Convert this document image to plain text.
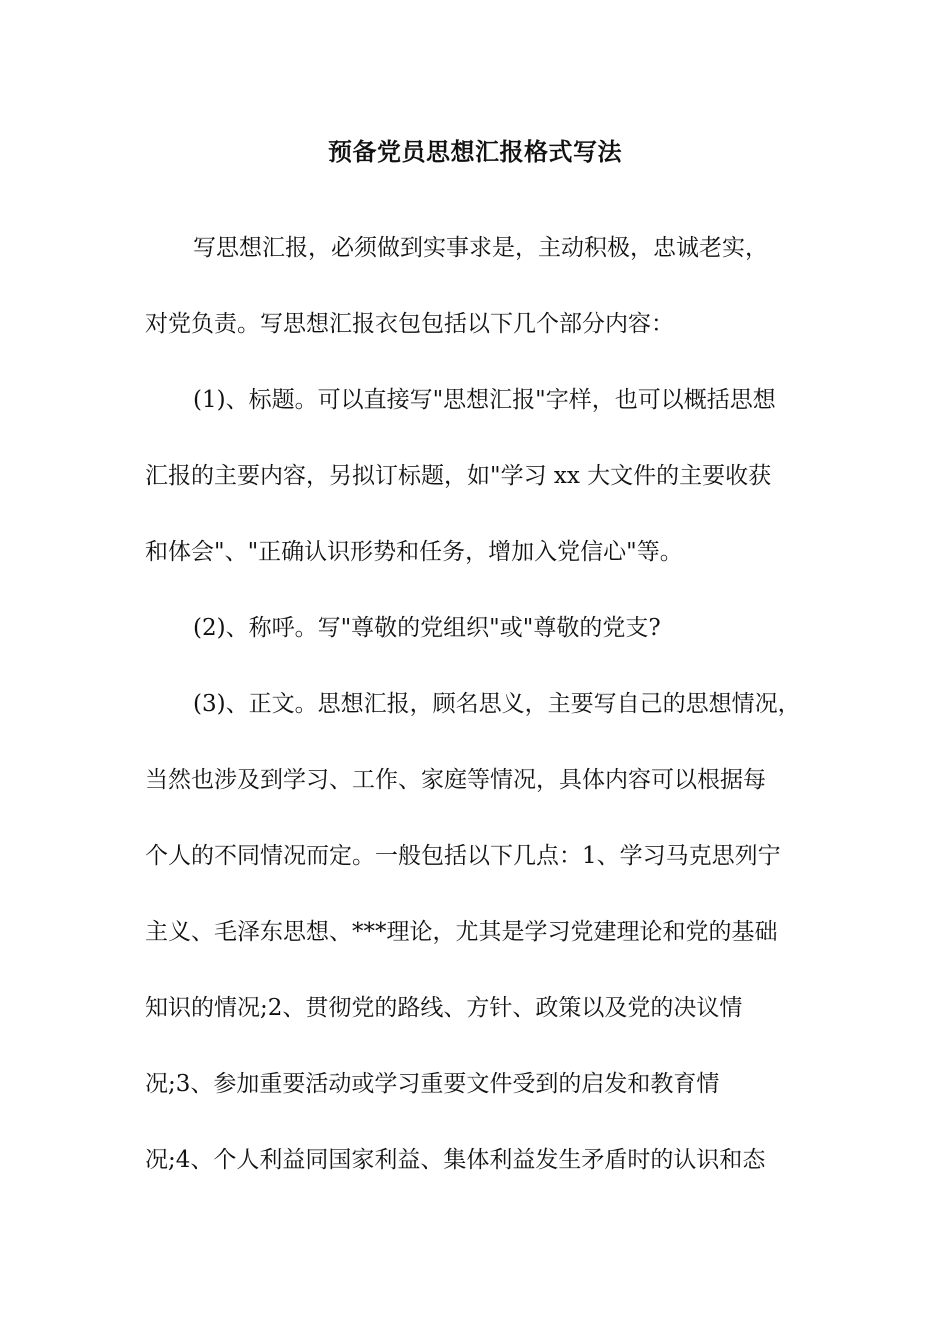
预备党员思想汇报格式写法
写思想汇报，必须做到实事求是，主动积极，忠诚老实，
对党负责。写思想汇报衣包包括以下几个部分内容：
(1)、标题。可以直接写"思想汇报"字样，也可以概括思想
汇报的主要内容，另拟订标题，如"学习 xx 大文件的主要收获
和体会"、"正确认识形势和任务，增加入党信心"等。
(2)、称呼。写"尊敬的党组织"或"尊敬的党支?
(3)、正文。思想汇报，顾名思义，主要写自己的思想情况，
当然也涉及到学习、工作、家庭等情况，具体内容可以根据每
个人的不同情况而定。一般包括以下几点：1、学习马克思列宁
主义、毛泽东思想、***理论，尤其是学习党建理论和党的基础
知识的情况;2、贯彻党的路线、方针、政策以及党的决议情
况;3、参加重要活动或学习重要文件受到的启发和教育情
况;4、个人利益同国家利益、集体利益发生矛盾时的认识和态
